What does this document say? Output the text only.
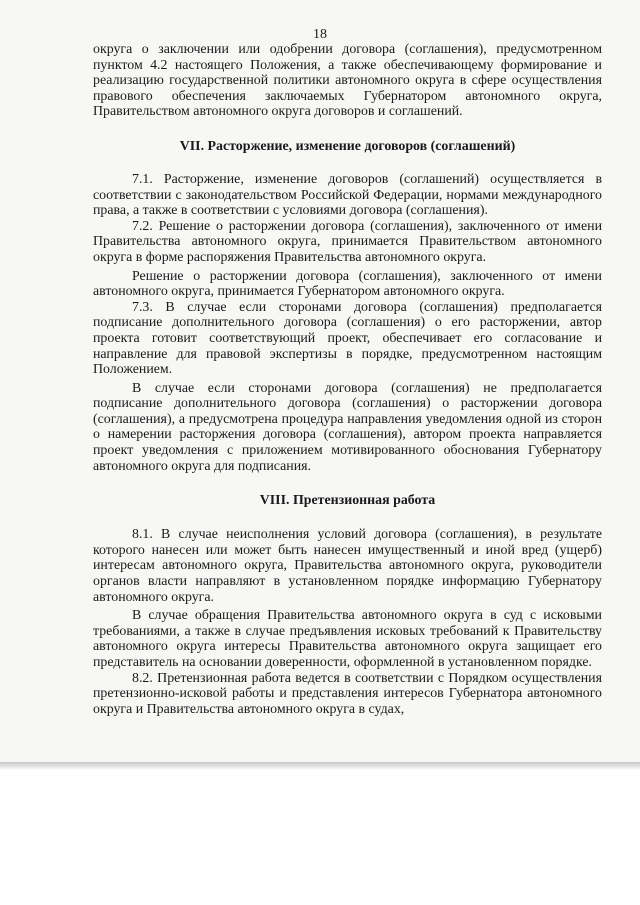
18

округа о заключении или одобрении договора (соглашения), предусмотренном пунктом 4.2 настоящего Положения, а также обеспечивающему формирование и реализацию государственной политики автономного округа в сфере осуществления правового обеспечения заключаемых Губернатором автономного округа, Правительством автономного округа договоров и соглашений.

VII. Расторжение, изменение договоров (соглашений)

7.1. Расторжение, изменение договоров (соглашений) осуществляется в соответствии с законодательством Российской Федерации, нормами международного права, а также в соответствии с условиями договора (соглашения).

7.2. Решение о расторжении договора (соглашения), заключенного от имени Правительства автономного округа, принимается Правительством автономного округа в форме распоряжения Правительства автономного округа.

Решение о расторжении договора (соглашения), заключенного от имени автономного округа, принимается Губернатором автономного округа.

7.3. В случае если сторонами договора (соглашения) предполагается подписание дополнительного договора (соглашения) о его расторжении, автор проекта готовит соответствующий проект, обеспечивает его согласование и направление для правовой экспертизы в порядке, предусмотренном настоящим Положением.

В случае если сторонами договора (соглашения) не предполагается подписание дополнительного договора (соглашения) о расторжении договора (соглашения), а предусмотрена процедура направления уведомления одной из сторон о намерении расторжения договора (соглашения), автором проекта направляется проект уведомления с приложением мотивированного обоснования Губернатору автономного округа для подписания.

VIII. Претензионная работа

8.1. В случае неисполнения условий договора (соглашения), в результате которого нанесен или может быть нанесен имущественный и иной вред (ущерб) интересам автономного округа, Правительства автономного округа, руководители органов власти направляют в установленном порядке информацию Губернатору автономного округа.

В случае обращения Правительства автономного округа в суд с исковыми требованиями, а также в случае предъявления исковых требований к Правительству автономного округа интересы Правительства автономного округа защищает его представитель на основании доверенности, оформленной в установленном порядке.

8.2. Претензионная работа ведется в соответствии с Порядком осуществления претензионно-исковой работы и представления интересов Губернатора автономного округа и Правительства автономного округа в судах,
